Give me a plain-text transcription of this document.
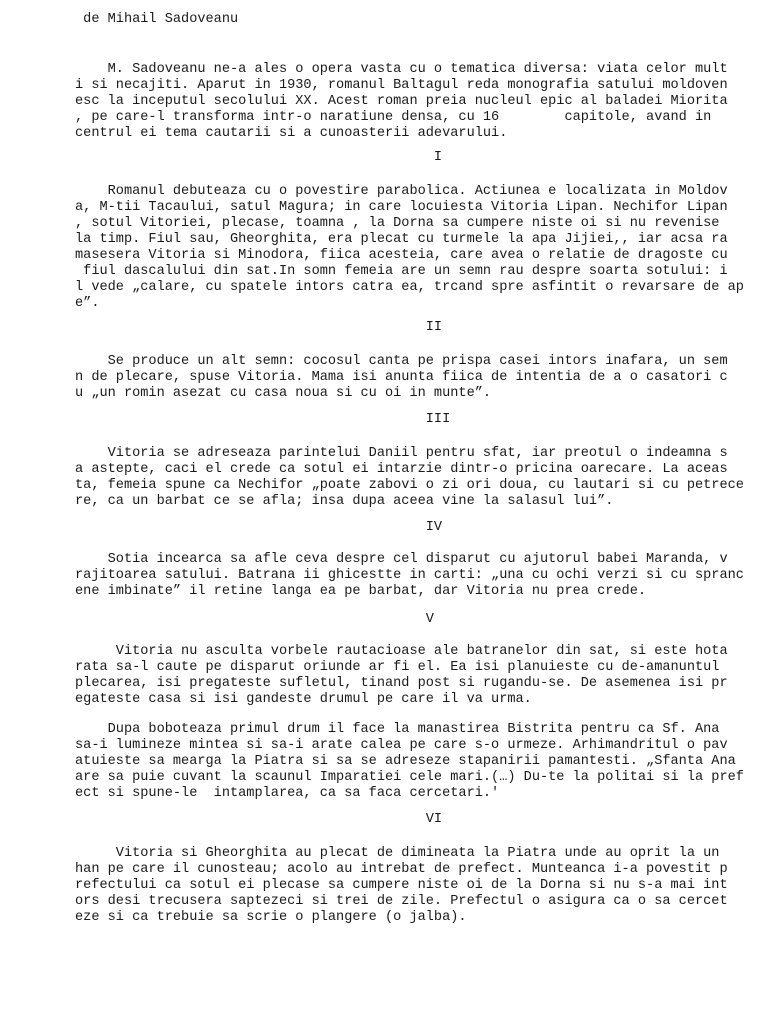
de Mihail Sadoveanu

M. Sadoveanu ne-a ales o opera vasta cu o tematica diversa: viata celor mult

i si necajiti. Aparut in 1930, romanul Baltagul reda monografia satului moldoven

esc la inceputul secolului XX. Acest roman preia nucleul epic al baladei Miorita

, pe care-l transforma intr-o naratiune densa, cu 16        capitole, avand in

centrul ei tema cautarii si a cunoasterii adevarului.

I

Romanul debuteaza cu o povestire parabolica. Actiunea e localizata in Moldov

a, M-tii Tacaului, satul Magura; in care locuiesta Vitoria Lipan. Nechifor Lipan

, sotul Vitoriei, plecase, toamna , la Dorna sa cumpere niste oi si nu revenise

la timp. Fiul sau, Gheorghita, era plecat cu turmele la apa Jijiei,, iar acsa ra

masesera Vitoria si Minodora, fiica acesteia, care avea o relatie de dragoste cu

fiul dascalului din sat.In somn femeia are un semn rau despre soarta sotului: i

l vede „calare, cu spatele intors catra ea, trcand spre asfintit o revarsare de ap

e”.

II

Se produce un alt semn: cocosul canta pe prispa casei intors inafara, un sem

n de plecare, spuse Vitoria. Mama isi anunta fiica de intentia de a o casatori c

u „un romin asezat cu casa noua si cu oi in munte”.

III

Vitoria se adreseaza parintelui Daniil pentru sfat, iar preotul o indeamna s

a astepte, caci el crede ca sotul ei intarzie dintr-o pricina oarecare. La aceas

ta, femeia spune ca Nechifor „poate zabovi o zi ori doua, cu lautari si cu petrece

re, ca un barbat ce se afla; insa dupa aceea vine la salasul lui”.

IV

Sotia incearca sa afle ceva despre cel disparut cu ajutorul babei Maranda, v

rajitoarea satului. Batrana ii ghicestte in carti: „una cu ochi verzi si cu spranc

ene imbinate” il retine langa ea pe barbat, dar Vitoria nu prea crede.

V

Vitoria nu asculta vorbele rautacioase ale batranelor din sat, si este hota

rata sa-l caute pe disparut oriunde ar fi el. Ea isi planuieste cu de-amanuntul

plecarea, isi pregateste sufletul, tinand post si rugandu-se. De asemenea isi pr

egateste casa si isi gandeste drumul pe care il va urma.

Dupa boboteaza primul drum il face la manastirea Bistrita pentru ca Sf. Ana

sa-i lumineze mintea si sa-i arate calea pe care s-o urmeze. Arhimandritul o pav

atuieste sa mearga la Piatra si sa se adreseze stapanirii pamantesti. „Sfanta Ana

are sa puie cuvant la scaunul Imparatiei cele mari.(…) Du-te la politai si la pref

ect si spune-le  intamplarea, ca sa faca cercetari.'

VI

Vitoria si Gheorghita au plecat de dimineata la Piatra unde au oprit la un

han pe care il cunosteau; acolo au intrebat de prefect. Munteanca i-a povestit p

refectului ca sotul ei plecase sa cumpere niste oi de la Dorna si nu s-a mai int

ors desi trecusera saptezeci si trei de zile. Prefectul o asigura ca o sa cercet

eze si ca trebuie sa scrie o plangere (o jalba).
